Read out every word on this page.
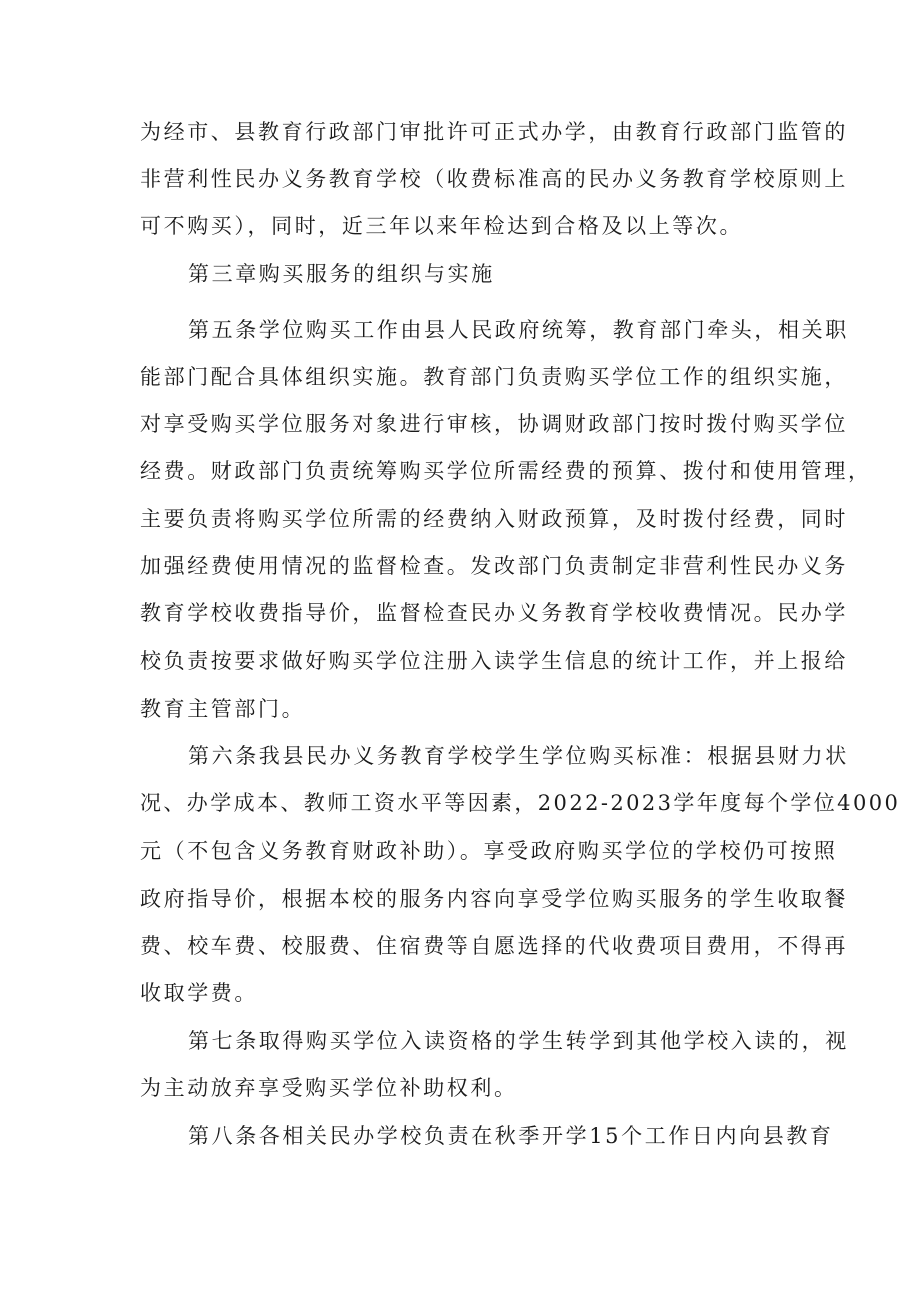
为经市、县教育行政部门审批许可正式办学，由教育行政部门监管的
非营利性民办义务教育学校（收费标准高的民办义务教育学校原则上
可不购买），同时，近三年以来年检达到合格及以上等次。
第三章购买服务的组织与实施
第五条学位购买工作由县人民政府统筹，教育部门牵头，相关职
能部门配合具体组织实施。教育部门负责购买学位工作的组织实施，
对享受购买学位服务对象进行审核，协调财政部门按时拨付购买学位
经费。财政部门负责统筹购买学位所需经费的预算、拨付和使用管理，
主要负责将购买学位所需的经费纳入财政预算，及时拨付经费，同时
加强经费使用情况的监督检查。发改部门负责制定非营利性民办义务
教育学校收费指导价，监督检查民办义务教育学校收费情况。民办学
校负责按要求做好购买学位注册入读学生信息的统计工作，并上报给
教育主管部门。
第六条我县民办义务教育学校学生学位购买标准：根据县财力状
况、办学成本、教师工资水平等因素，2022-2023学年度每个学位4000
元（不包含义务教育财政补助）。享受政府购买学位的学校仍可按照
政府指导价，根据本校的服务内容向享受学位购买服务的学生收取餐
费、校车费、校服费、住宿费等自愿选择的代收费项目费用，不得再
收取学费。
第七条取得购买学位入读资格的学生转学到其他学校入读的，视
为主动放弃享受购买学位补助权利。
第八条各相关民办学校负责在秋季开学15个工作日内向县教育
